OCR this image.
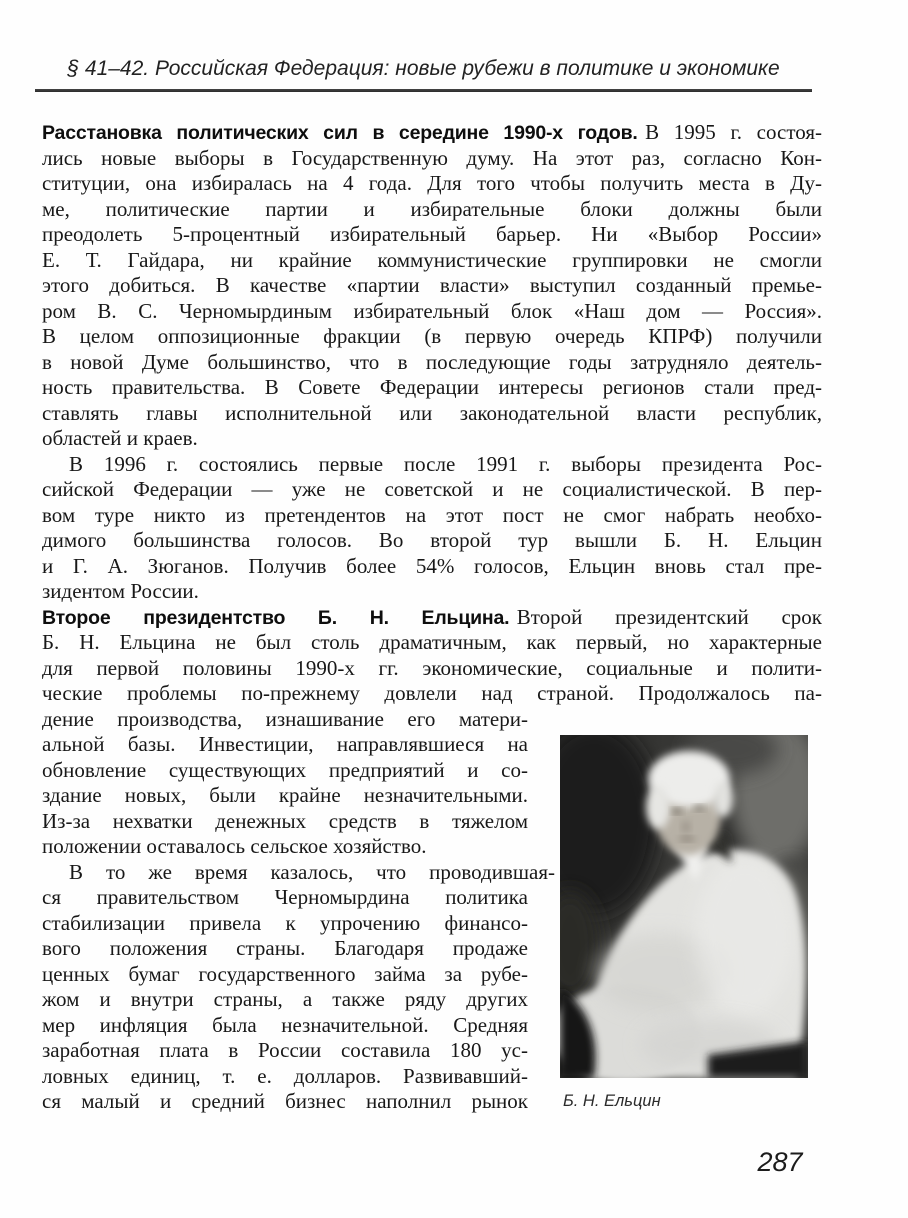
§ 41–42. Российская Федерация: новые рубежи в политике и экономике
Расстановка политических сил в середине 1990-х годов. В 1995 г. состоя-
лись новые выборы в Государственную думу. На этот раз, согласно Кон-
ституции, она избиралась на 4 года. Для того чтобы получить места в Ду-
ме, политические партии и избирательные блоки должны были
преодолеть 5-процентный избирательный барьер. Ни «Выбор России»
Е. Т. Гайдара, ни крайние коммунистические группировки не смогли
этого добиться. В качестве «партии власти» выступил созданный премье-
ром В. С. Черномырдиным избирательный блок «Наш дом — Россия».
В целом оппозиционные фракции (в первую очередь КПРФ) получили
в новой Думе большинство, что в последующие годы затрудняло деятель-
ность правительства. В Совете Федерации интересы регионов стали пред-
ставлять главы исполнительной или законодательной власти республик,
областей и краев.
В 1996 г. состоялись первые после 1991 г. выборы президента Рос-
сийской Федерации — уже не советской и не социалистической. В пер-
вом туре никто из претендентов на этот пост не смог набрать необхо-
димого большинства голосов. Во второй тур вышли Б. Н. Ельцин
и Г. А. Зюганов. Получив более 54% голосов, Ельцин вновь стал пре-
зидентом России.
Второе президентство Б. Н. Ельцина. Второй президентский срок
Б. Н. Ельцина не был столь драматичным, как первый, но характерные
для первой половины 1990-х гг. экономические, социальные и полити-
ческие проблемы по-прежнему довлели над страной. Продолжалось па-
дение производства, изнашивание его матери-
альной базы. Инвестиции, направлявшиеся на
обновление существующих предприятий и со-
здание новых, были крайне незначительными.
Из-за нехватки денежных средств в тяжелом
положении оставалось сельское хозяйство.
В то же время казалось, что проводившая-
ся правительством Черномырдина политика
стабилизации привела к упрочению финансо-
вого положения страны. Благодаря продаже
ценных бумаг государственного займа за рубе-
жом и внутри страны, а также ряду других
мер инфляция была незначительной. Средняя
заработная плата в России составила 180 ус-
ловных единиц, т. е. долларов. Развивавший-
ся малый и средний бизнес наполнил рынок Б. Н. Ельцин
287
